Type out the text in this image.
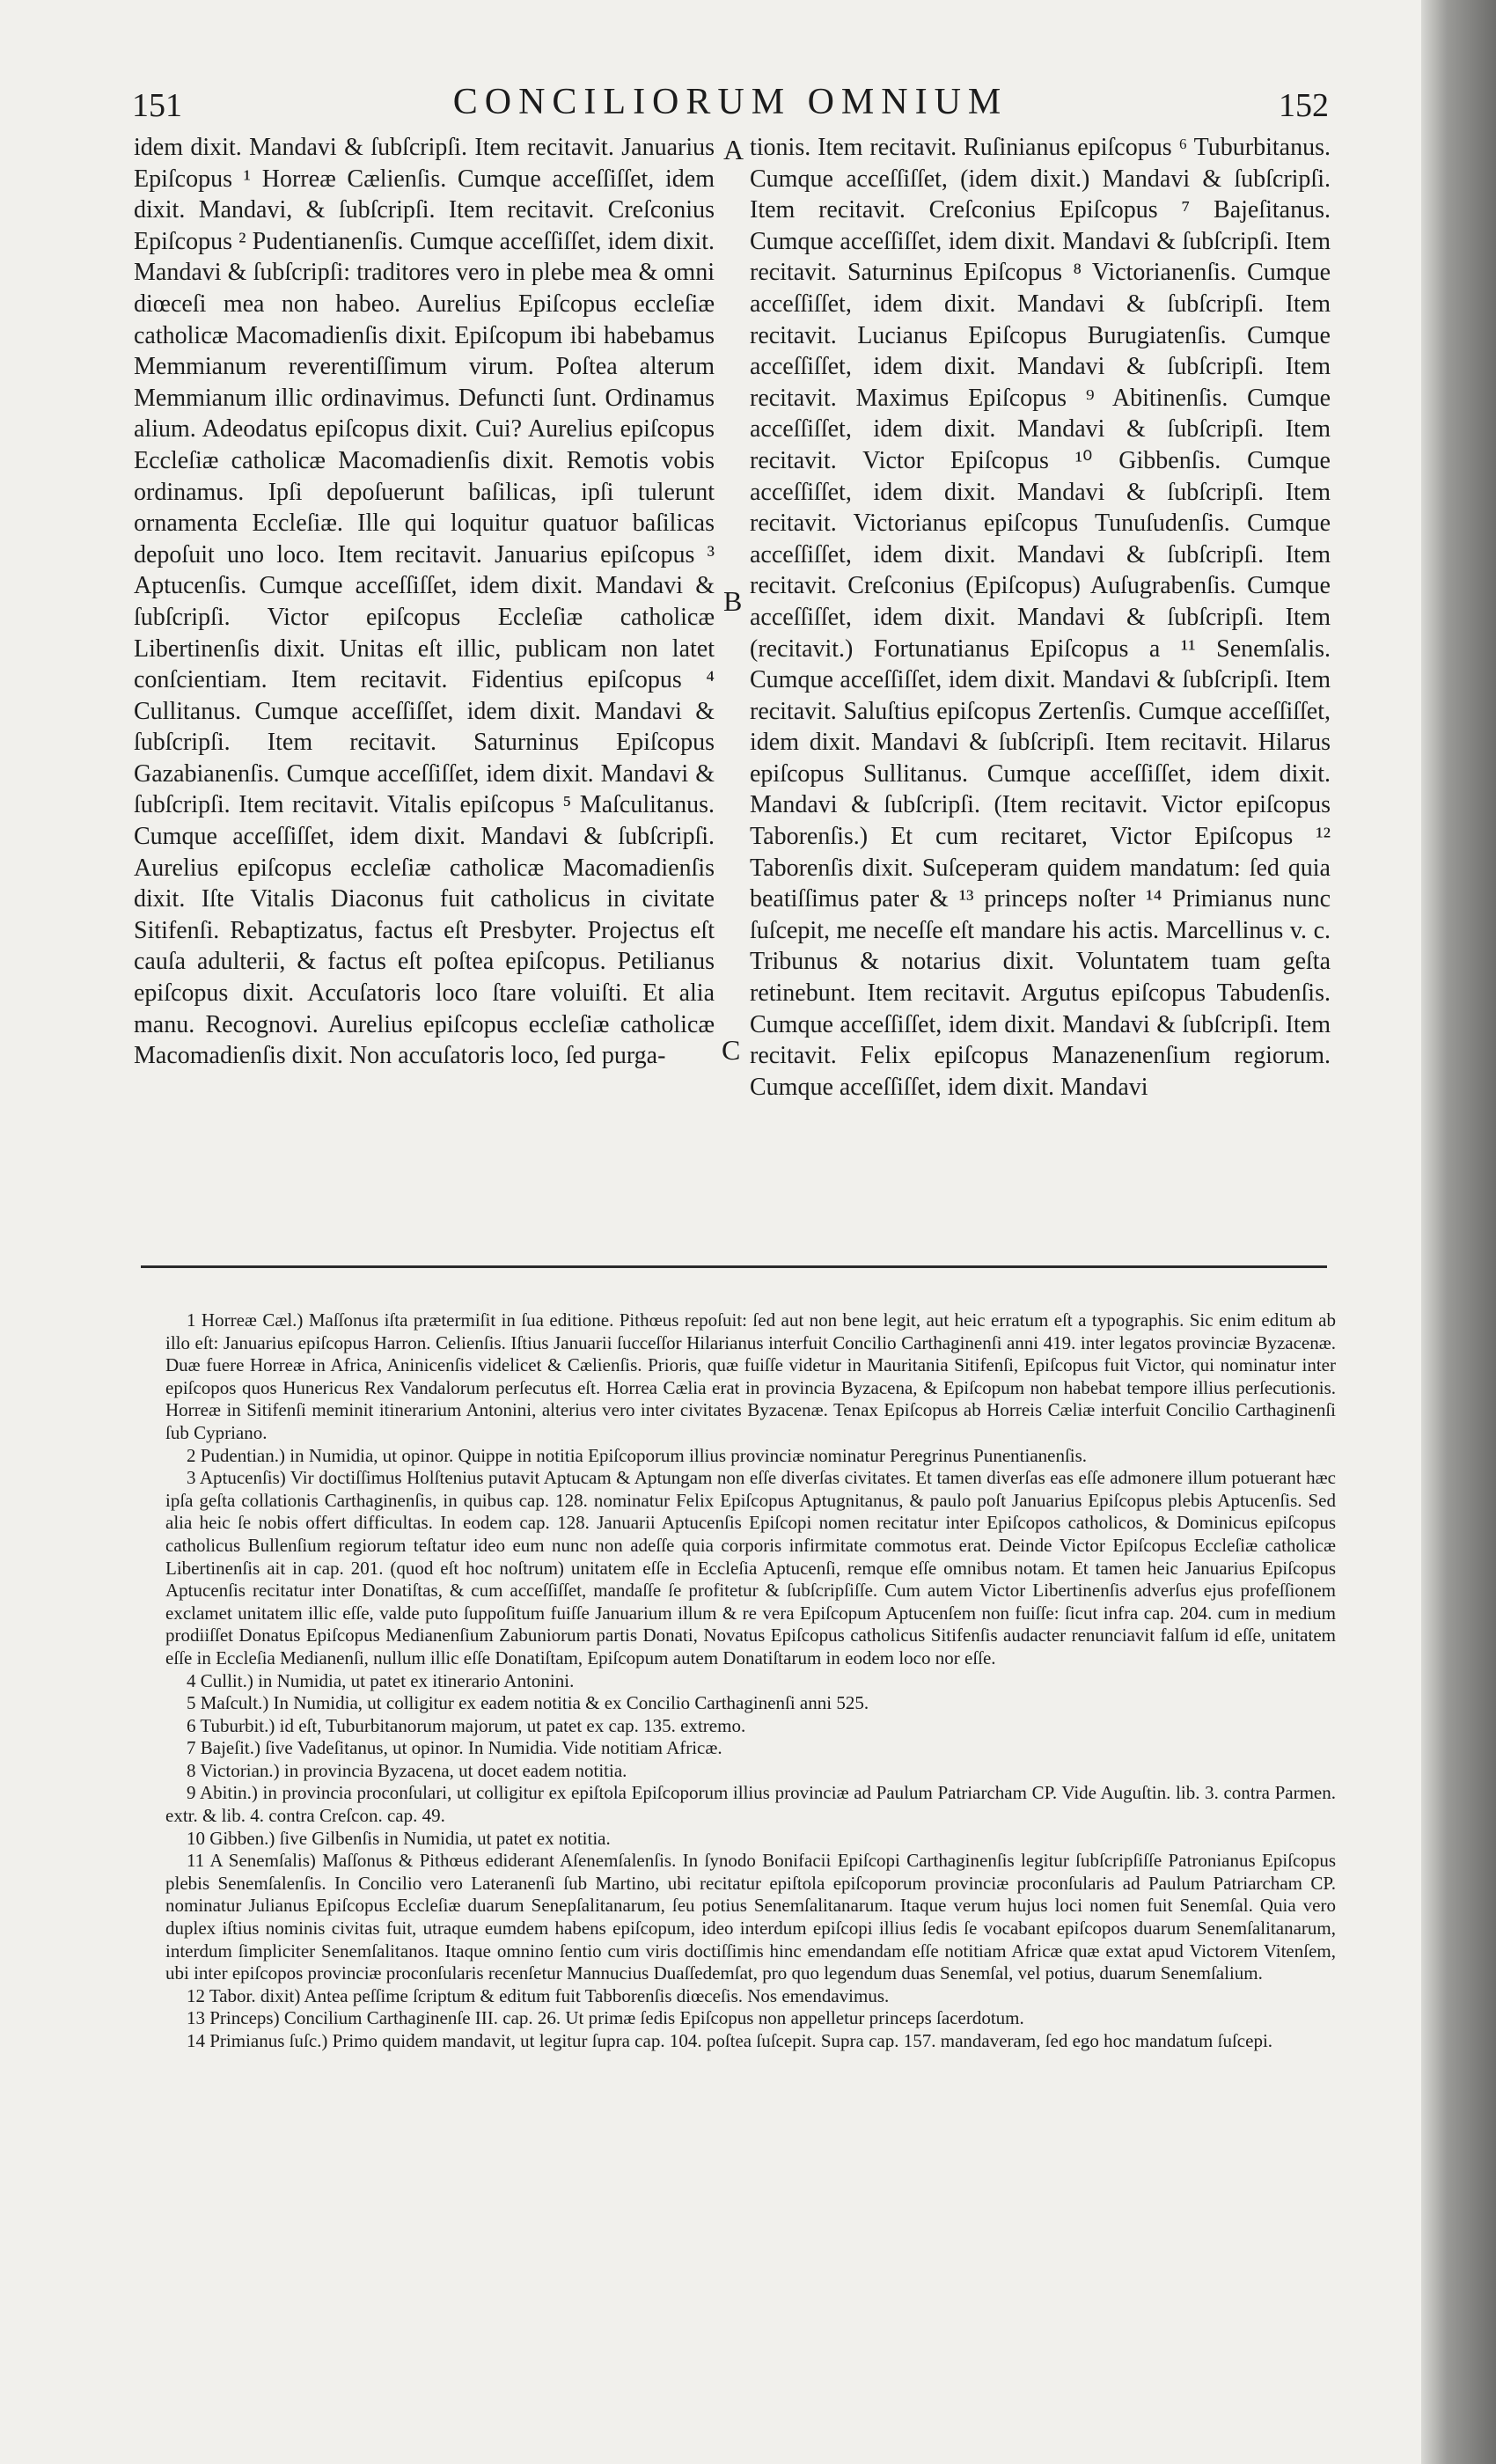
151	CONCILIORUM OMNIUM	152
idem dixit. Mandavi & ſubſcripſi. Item recitavit. Januarius Epiſcopus ¹ Horreæ Cælienſis. Cumque acceſſiſſet, idem dixit. Mandavi, & ſubſcripſi. Item recitavit. Creſconius Epiſcopus ² Pudentianenſis. Cumque acceſſiſſet, idem dixit. Mandavi & ſubſcripſi: traditores vero in plebe mea & omni diœceſi mea non habeo. Aurelius Epiſcopus eccleſiæ catholicæ Macomadienſis dixit. Epiſcopum ibi habebamus Memmianum reverentiſſimum virum. Poſtea alterum Memmianum illic ordinavimus. Defuncti ſunt. Ordinamus alium. Adeodatus epiſcopus dixit. Cui? Aurelius epiſcopus Eccleſiæ catholicæ Macomadienſis dixit. Remotis vobis ordinamus. Ipſi depoſuerunt baſilicas, ipſi tulerunt ornamenta Eccleſiæ. Ille qui loquitur quatuor baſilicas depoſuit uno loco. Item recitavit. Januarius epiſcopus ³ Aptucenſis. Cumque acceſſiſſet, idem dixit. Mandavi & ſubſcripſi. Victor epiſcopus Eccleſiæ catholicæ Libertinenſis dixit. Unitas eſt illic, publicam non latet conſcientiam. Item recitavit. Fidentius epiſcopus ⁴ Cullitanus. Cumque acceſſiſſet, idem dixit. Mandavi & ſubſcripſi. Item recitavit. Saturninus Epiſcopus Gazabianenſis. Cumque acceſſiſſet, idem dixit. Mandavi & ſubſcripſi. Item recitavit. Vitalis epiſcopus ⁵ Maſculitanus. Cumque acceſſiſſet, idem dixit. Mandavi & ſubſcripſi. Aurelius epiſcopus eccleſiæ catholicæ Macomadienſis dixit. Iſte Vitalis Diaconus fuit catholicus in civitate Sitifenſi. Rebaptizatus, factus eſt Presbyter. Projectus eſt cauſa adulterii, & factus eſt poſtea epiſcopus. Petilianus epiſcopus dixit. Accuſatoris loco ſtare voluiſti. Et alia manu. Recognovi. Aurelius epiſcopus eccleſiæ catholicæ Macomadienſis dixit. Non accuſatoris loco, ſed purga-
A
B
C
tionis. Item recitavit. Ruſinianus epiſcopus ⁶ Tuburbitanus. Cumque acceſſiſſet, (idem dixit.) Mandavi & ſubſcripſi. Item recitavit. Creſconius Epiſcopus ⁷ Bajeſitanus. Cumque acceſſiſſet, idem dixit. Mandavi & ſubſcripſi. Item recitavit. Saturninus Epiſcopus ⁸ Victorianenſis. Cumque acceſſiſſet, idem dixit. Mandavi & ſubſcripſi. Item recitavit. Lucianus Epiſcopus Burugiatenſis. Cumque acceſſiſſet, idem dixit. Mandavi & ſubſcripſi. Item recitavit. Maximus Epiſcopus ⁹ Abitinenſis. Cumque acceſſiſſet, idem dixit. Mandavi & ſubſcripſi. Item recitavit. Victor Epiſcopus ¹⁰ Gibbenſis. Cumque acceſſiſſet, idem dixit. Mandavi & ſubſcripſi. Item recitavit. Victorianus epiſcopus Tunuſudenſis. Cumque acceſſiſſet, idem dixit. Mandavi & ſubſcripſi. Item recitavit. Creſconius (Epiſcopus) Auſugrabenſis. Cumque acceſſiſſet, idem dixit. Mandavi & ſubſcripſi. Item (recitavit.) Fortunatianus Epiſcopus a ¹¹ Senemſalis. Cumque acceſſiſſet, idem dixit. Mandavi & ſubſcripſi. Item recitavit. Saluſtius epiſcopus Zertenſis. Cumque acceſſiſſet, idem dixit. Mandavi & ſubſcripſi. Item recitavit. Hilarus epiſcopus Sullitanus. Cumque acceſſiſſet, idem dixit. Mandavi & ſubſcripſi. (Item recitavit. Victor epiſcopus Taborenſis.) Et cum recitaret, Victor Epiſcopus ¹² Taborenſis dixit. Suſceperam quidem mandatum: ſed quia beatiſſimus pater & ¹³ princeps noſter ¹⁴ Primianus nunc ſuſcepit, me neceſſe eſt mandare his actis. Marcellinus v. c. Tribunus & notarius dixit. Voluntatem tuam geſta retinebunt. Item recitavit. Argutus epiſcopus Tabudenſis. Cumque acceſſiſſet, idem dixit. Mandavi & ſubſcripſi. Item recitavit. Felix epiſcopus Manazenenſium regiorum. Cumque acceſſiſſet, idem dixit. Mandavi

1 Horreæ Cæl.) Maſſonus iſta prætermiſit in ſua editione. Pithœus repoſuit: ſed aut non bene legit, aut heic erratum eſt a typographis. Sic enim editum ab illo eſt: Januarius epiſcopus Harron. Celienſis. Iſtius Januarii ſucceſſor Hilarianus interfuit Concilio Carthaginenſi anni 419. inter legatos provinciæ Byzacenæ. Duæ fuere Horreæ in Africa, Aninicenſis videlicet & Cælienſis. Prioris, quæ fuiſſe videtur in Mauritania Sitifenſi, Epiſcopus fuit Victor, qui nominatur inter epiſcopos quos Hunericus Rex Vandalorum perſecutus eſt. Horrea Cælia erat in provincia Byzacena, & Epiſcopum non habebat tempore illius perſecutionis. Horreæ in Sitifenſi meminit itinerarium Antonini, alterius vero inter civitates Byzacenæ. Tenax Epiſcopus ab Horreis Cæliæ interfuit Concilio Carthaginenſi ſub Cypriano.

2 Pudentian.) in Numidia, ut opinor. Quippe in notitia Epiſcoporum illius provinciæ nominatur Peregrinus Punentianenſis.

3 Aptucenſis) Vir doctiſſimus Holſtenius putavit Aptucam & Aptungam non eſſe diverſas civitates. Et tamen diverſas eas eſſe admonere illum potuerant hæc ipſa geſta collationis Carthaginenſis, in quibus cap. 128. nominatur Felix Epiſcopus Aptugnitanus, & paulo poſt Januarius Epiſcopus plebis Aptucenſis. Sed alia heic ſe nobis offert difficultas. In eodem cap. 128. Januarii Aptucenſis Epiſcopi nomen recitatur inter Epiſcopos catholicos, & Dominicus epiſcopus catholicus Bullenſium regiorum teſtatur ideo eum nunc non adeſſe quia corporis infirmitate commotus erat. Deinde Victor Epiſcopus Eccleſiæ catholicæ Libertinenſis ait in cap. 201. (quod eſt hoc noſtrum) unitatem eſſe in Eccleſia Aptucenſi, remque eſſe omnibus notam. Et tamen heic Januarius Epiſcopus Aptucenſis recitatur inter Donatiſtas, & cum acceſſiſſet, mandaſſe ſe profitetur & ſubſcripſiſſe. Cum autem Victor Libertinenſis adverſus ejus profeſſionem exclamet unitatem illic eſſe, valde puto ſuppoſitum fuiſſe Januarium illum & re vera Epiſcopum Aptucenſem non fuiſſe: ſicut infra cap. 204. cum in medium prodiiſſet Donatus Epiſcopus Medianenſium Zabuniorum partis Donati, Novatus Epiſcopus catholicus Sitifenſis audacter renunciavit falſum id eſſe, unitatem eſſe in Eccleſia Medianenſi, nullum illic eſſe Donatiſtam, Epiſcopum autem Donatiſtarum in eodem loco nor eſſe.

4 Cullit.) in Numidia, ut patet ex itinerario Antonini.

5 Maſcult.) In Numidia, ut colligitur ex eadem notitia & ex Concilio Carthaginenſi anni 525.

6 Tuburbit.) id eſt, Tuburbitanorum majorum, ut patet ex cap. 135. extremo.

7 Bajeſit.) ſive Vadeſitanus, ut opinor. In Numidia. Vide notitiam Africæ.

8 Victorian.) in provincia Byzacena, ut docet eadem notitia.

9 Abitin.) in provincia proconſulari, ut colligitur ex epiſtola Epiſcoporum illius provinciæ ad Paulum Patriarcham CP. Vide Auguſtin. lib. 3. contra Parmen. extr. & lib. 4. contra Creſcon. cap. 49.

10 Gibben.) ſive Gilbenſis in Numidia, ut patet ex notitia.

11 A Senemſalis) Maſſonus & Pithœus ediderant Aſenemſalenſis. In ſynodo Bonifacii Epiſcopi Carthaginenſis legitur ſubſcripſiſſe Patronianus Epiſcopus plebis Senemſalenſis. In Concilio vero Lateranenſi ſub Martino, ubi recitatur epiſtola epiſcoporum provinciæ proconſularis ad Paulum Patriarcham CP. nominatur Julianus Epiſcopus Eccleſiæ duarum Senepſalitanarum, ſeu potius Senemſalitanarum. Itaque verum hujus loci nomen fuit Senemſal. Quia vero duplex iſtius nominis civitas fuit, utraque eumdem habens epiſcopum, ideo interdum epiſcopi illius ſedis ſe vocabant epiſcopos duarum Senemſalitanarum, interdum ſimpliciter Senemſalitanos. Itaque omnino ſentio cum viris doctiſſimis hinc emendandam eſſe notitiam Africæ quæ extat apud Victorem Vitenſem, ubi inter epiſcopos provinciæ proconſularis recenſetur Mannucius Duaſſedemſat, pro quo legendum duas Senemſal, vel potius, duarum Senemſalium.

12 Tabor. dixit) Antea peſſime ſcriptum & editum fuit Tabborenſis diœceſis. Nos emendavimus.

13 Princeps) Concilium Carthaginenſe III. cap. 26. Ut primæ ſedis Epiſcopus non appelletur princeps ſacerdotum.

14 Primianus ſuſc.) Primo quidem mandavit, ut legitur ſupra cap. 104. poſtea ſuſcepit. Supra cap. 157. mandaveram, ſed ego hoc mandatum ſuſcepi.
